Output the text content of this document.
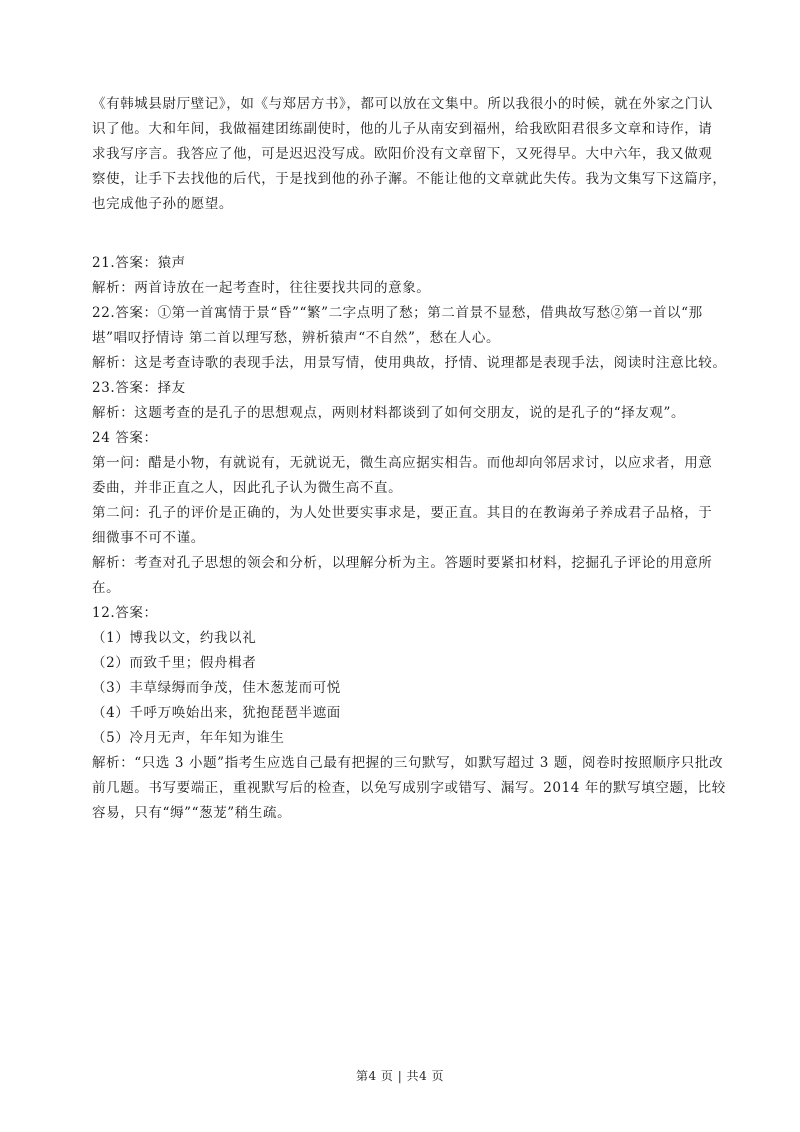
《有韩城县尉厅壁记》，如《与郑居方书》，都可以放在文集中。所以我很小的时候，就在外家之门认
识了他。大和年间，我做福建团练副使时，他的儿子从南安到福州，给我欧阳君很多文章和诗作，请
求我写序言。我答应了他，可是迟迟没写成。欧阳价没有文章留下，又死得早。大中六年，我又做观
察使，让手下去找他的后代，于是找到他的孙子澥。不能让他的文章就此失传。我为文集写下这篇序，
也完成他子孙的愿望。
21.答案：猿声
解析：两首诗放在一起考查时，往往要找共同的意象。
22.答案：①第一首寓情于景“昏”“繁”二字点明了愁；第二首景不显愁，借典故写愁②第一首以“那
堪”唱叹抒情诗 第二首以理写愁，辨析猿声“不自然”，愁在人心。
解析：这是考查诗歌的表现手法，用景写情，使用典故，抒情、说理都是表现手法，阅读时注意比较。
23.答案：择友
解析：这题考查的是孔子的思想观点，两则材料都谈到了如何交朋友，说的是孔子的“择友观”。
24 答案：
第一问：醋是小物，有就说有，无就说无，微生高应据实相告。而他却向邻居求讨，以应求者，用意
委曲，并非正直之人，因此孔子认为微生高不直。
第二问：孔子的评价是正确的，为人处世要实事求是，要正直。其目的在教诲弟子养成君子品格，于
细微事不可不谨。
解析：考查对孔子思想的领会和分析，以理解分析为主。答题时要紧扣材料，挖掘孔子评论的用意所
在。
12.答案：
（1）博我以文，约我以礼
（2）而致千里；假舟楫者
（3）丰草绿缛而争茂，佳木葱茏而可悦
（4）千呼万唤始出来，犹抱琵琶半遮面
（5）冷月无声，年年知为谁生
解析：“只选 3 小题”指考生应选自己最有把握的三句默写，如默写超过 3 题，阅卷时按照顺序只批改
前几题。书写要端正，重视默写后的检查，以免写成别字或错写、漏写。2014 年的默写填空题，比较
容易，只有“缛”“葱茏”稍生疏。
第4 页 | 共4 页
